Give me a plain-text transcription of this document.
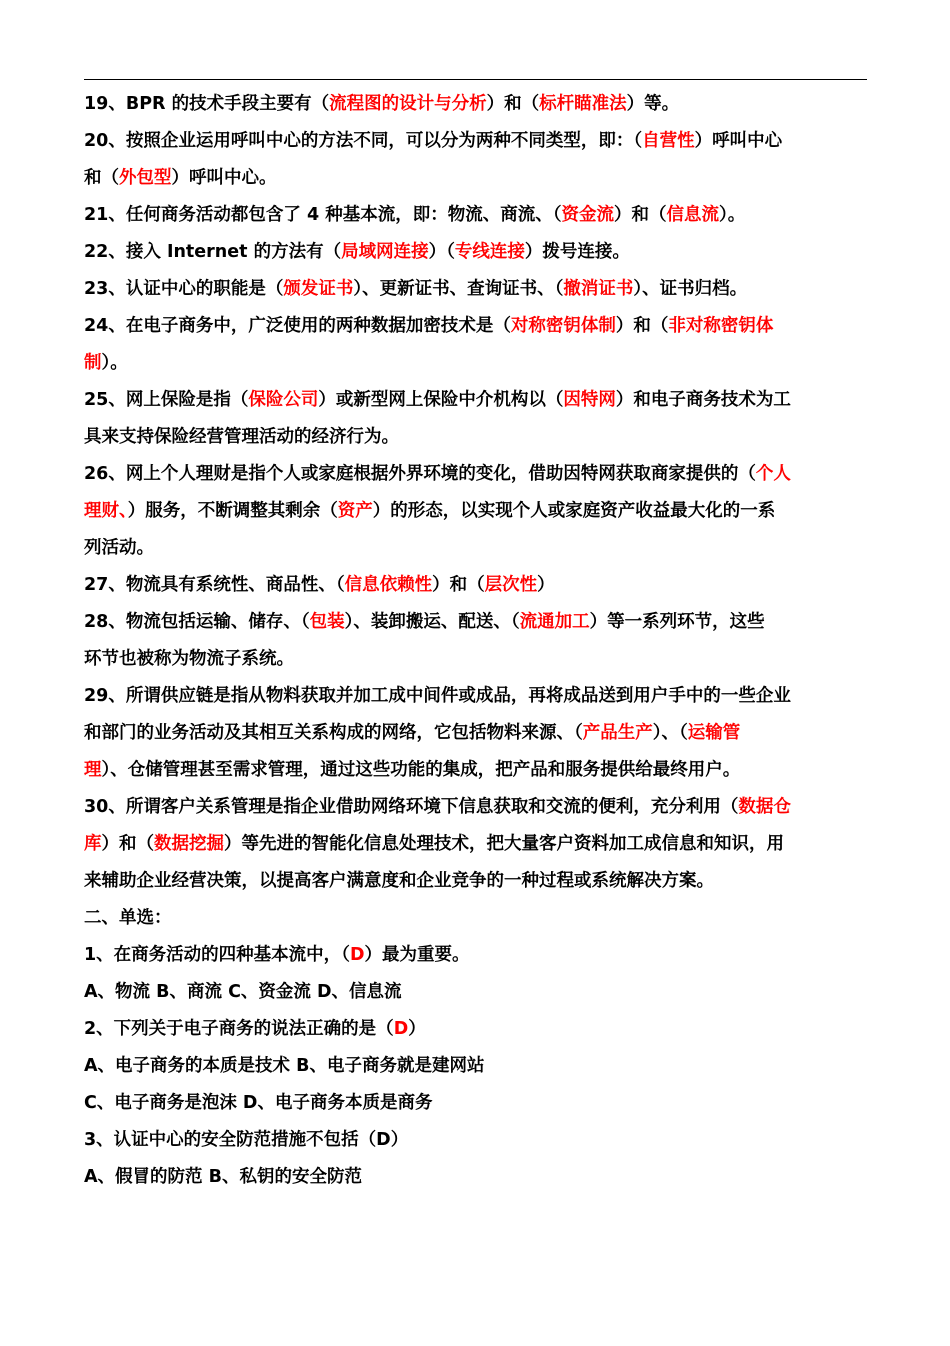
19、BPR 的技术手段主要有（流程图的设计与分析）和（标杆瞄准法）等。
20、按照企业运用呼叫中心的方法不同，可以分为两种不同类型，即：（自营性）呼叫中心
和（外包型）呼叫中心。
21、任何商务活动都包含了 4 种基本流，即：物流、商流、（资金流）和（信息流）。
22、接入 Internet 的方法有（局域网连接）（专线连接）拨号连接。
23、认证中心的职能是（颁发证书）、更新证书、查询证书、（撤消证书）、证书归档。
24、在电子商务中，广泛使用的两种数据加密技术是（对称密钥体制）和（非对称密钥体
制）。
25、网上保险是指（保险公司）或新型网上保险中介机构以（因特网）和电子商务技术为工
具来支持保险经营管理活动的经济行为。
26、网上个人理财是指个人或家庭根据外界环境的变化，借助因特网获取商家提供的（个人
理财、）服务，不断调整其剩余（资产）的形态，以实现个人或家庭资产收益最大化的一系
列活动。
27、物流具有系统性、商品性、（信息依赖性）和（层次性）
28、物流包括运输、储存、（包装）、装卸搬运、配送、（流通加工）等一系列环节，这些
环节也被称为物流子系统。
29、所谓供应链是指从物料获取并加工成中间件或成品，再将成品送到用户手中的一些企业
和部门的业务活动及其相互关系构成的网络，它包括物料来源、（产品生产）、（运输管
理）、仓储管理甚至需求管理，通过这些功能的集成，把产品和服务提供给最终用户。
30、所谓客户关系管理是指企业借助网络环境下信息获取和交流的便利，充分利用（数据仓
库）和（数据挖掘）等先进的智能化信息处理技术，把大量客户资料加工成信息和知识，用
来辅助企业经营决策，以提高客户满意度和企业竞争的一种过程或系统解决方案。
二、单选：
1、在商务活动的四种基本流中，（D）最为重要。
A、物流 B、商流 C、资金流 D、信息流
2、下列关于电子商务的说法正确的是（D）
A、电子商务的本质是技术 B、电子商务就是建网站
C、电子商务是泡沫 D、电子商务本质是商务
3、认证中心的安全防范措施不包括（D）
A、假冒的防范 B、私钥的安全防范
